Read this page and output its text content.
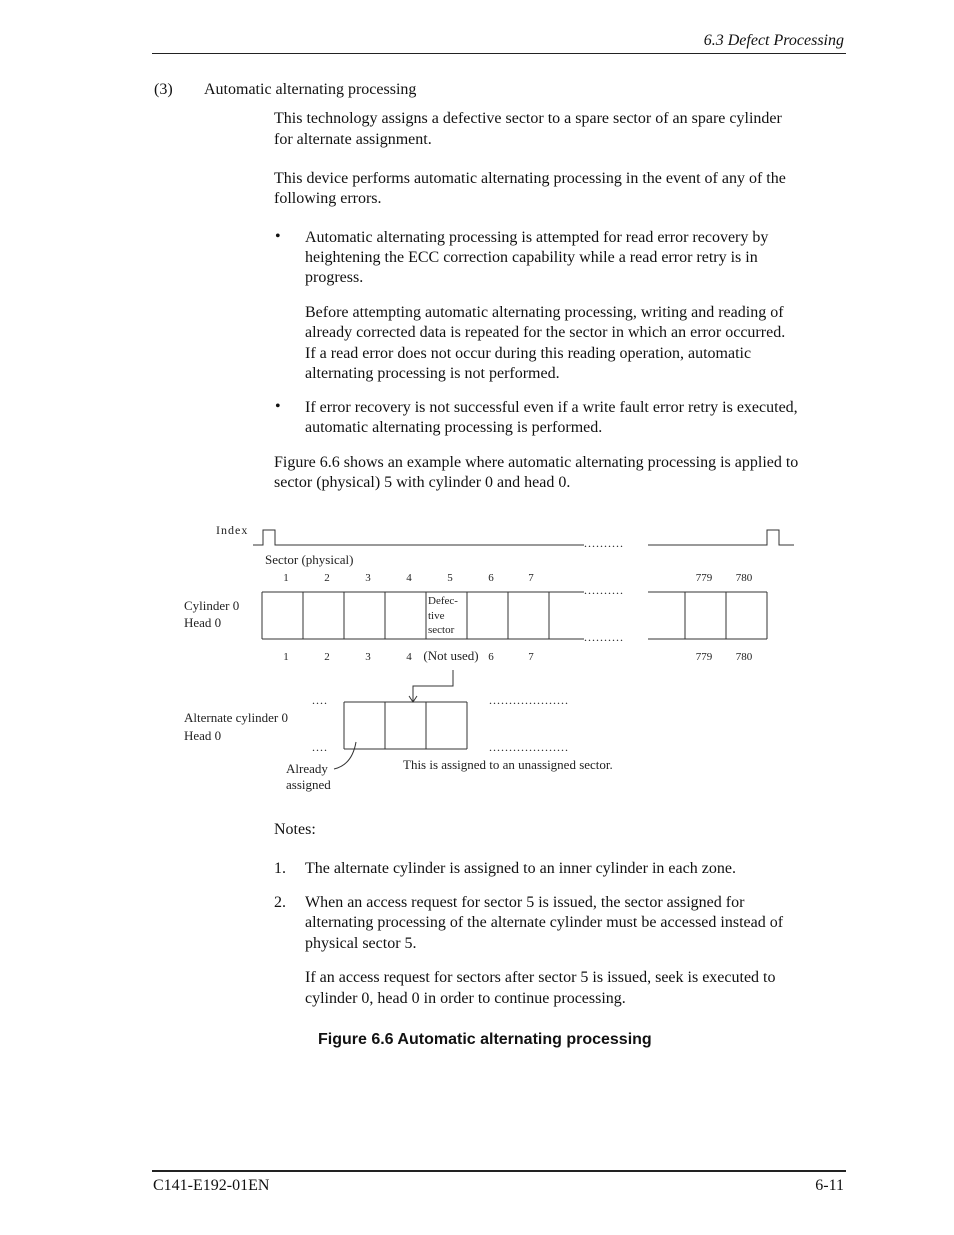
6.3 Defect Processing
(3) Automatic alternating processing
This technology assigns a defective sector to a spare sector of an spare cylinder
for alternate assignment.
This device performs automatic alternating processing in the event of any of the
following errors.
• Automatic alternating processing is attempted for read error recovery by
heightening the ECC correction capability while a read error retry is in
progress.
Before attempting automatic alternating processing, writing and reading of
already corrected data is repeated for the sector in which an error occurred.
If a read error does not occur during this reading operation, automatic
alternating processing is not performed.
• If error recovery is not successful even if a write fault error retry is executed,
automatic alternating processing is performed.
Figure 6.6 shows an example where automatic alternating processing is applied to
sector (physical) 5 with cylinder 0 and head 0.
Index
..........
Sector (physical)
1	2	3	4	5	6	7	779 780
Cylinder 0
Head 0
..........
..........
Defec-
tive
sector
1	2	3	4 (Not used) 6	7	779 780
Alternate cylinder 0
Head 0
....
....
....................
....................
Already
assigned
This is assigned to an unassigned sector.
Notes:
1. The alternate cylinder is assigned to an inner cylinder in each zone.
2. When an access request for sector 5 is issued, the sector assigned for
alternating processing of the alternate cylinder must be accessed instead of
physical sector 5.
If an access request for sectors after sector 5 is issued, seek is executed to
cylinder 0, head 0 in order to continue processing.
Figure 6.6 Automatic alternating processing
C141-E192-01EN	6-11
